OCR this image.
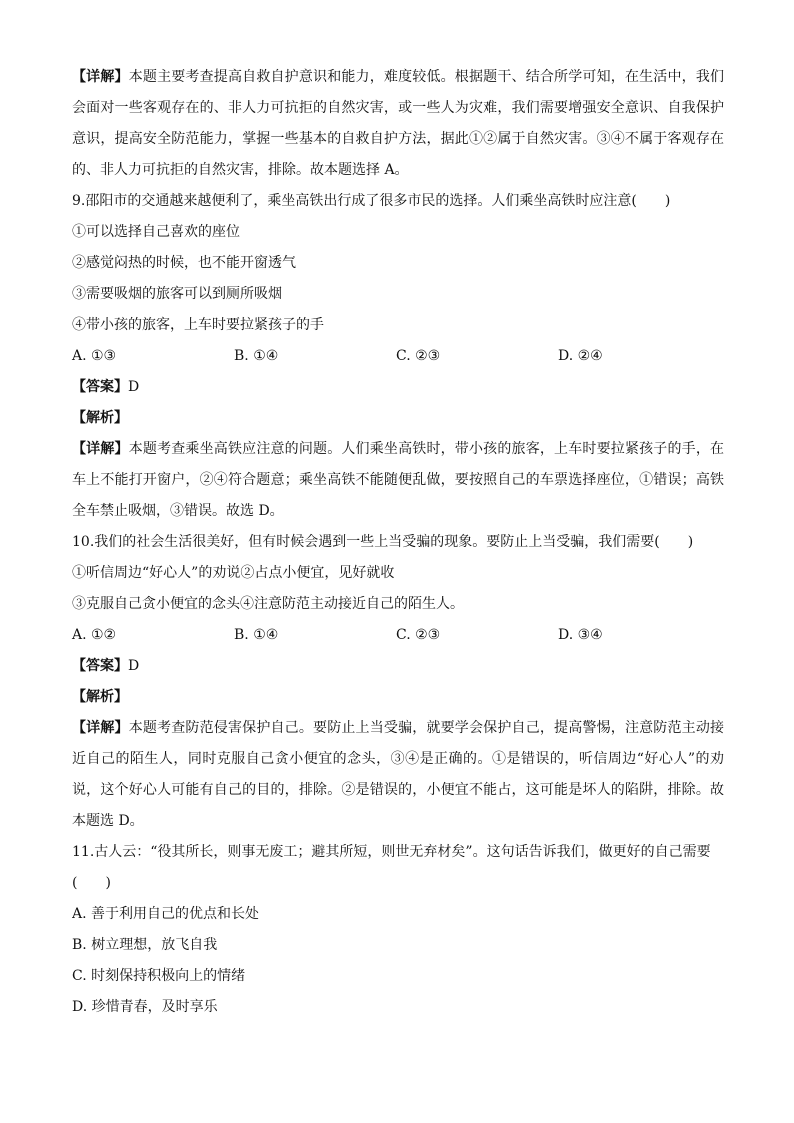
【详解】本题主要考查提高自救自护意识和能力，难度较低。根据题干、结合所学可知，在生活中，我们
会面对一些客观存在的、非人力可抗拒的自然灾害，或一些人为灾难，我们需要增强安全意识、自我保护
意识，提高安全防范能力，掌握一些基本的自救自护方法，据此①②属于自然灾害。③④不属于客观存在
的、非人力可抗拒的自然灾害，排除。故本题选择 A。
9.邵阳市的交通越来越便利了，乘坐高铁出行成了很多市民的选择。人们乘坐高铁时应注意(　　)
①可以选择自己喜欢的座位
②感觉闷热的时候，也不能开窗透气
③需要吸烟的旅客可以到厕所吸烟
④带小孩的旅客，上车时要拉紧孩子的手
A. ①③	B. ①④	C. ②③	D. ②④
【答案】D
【解析】
【详解】本题考查乘坐高铁应注意的问题。人们乘坐高铁时，带小孩的旅客，上车时要拉紧孩子的手，在
车上不能打开窗户，②④符合题意；乘坐高铁不能随便乱做，要按照自己的车票选择座位，①错误；高铁
全车禁止吸烟，③错误。故选 D。
10.我们的社会生活很美好，但有时候会遇到一些上当受骗的现象。要防止上当受骗，我们需要(　　)
①听信周边“好心人”的劝说②占点小便宜，见好就收
③克服自己贪小便宜的念头④注意防范主动接近自己的陌生人。
A. ①②	B. ①④	C. ②③	D. ③④
【答案】D
【解析】
【详解】本题考查防范侵害保护自己。要防止上当受骗，就要学会保护自己，提高警惕，注意防范主动接
近自己的陌生人，同时克服自己贪小便宜的念头，③④是正确的。①是错误的，听信周边“好心人”的劝
说，这个好心人可能有自己的目的，排除。②是错误的，小便宜不能占，这可能是坏人的陷阱，排除。故
本题选 D。
11.古人云：“役其所长，则事无废工；避其所短，则世无弃材矣”。这句话告诉我们，做更好的自己需要
(　　)
A. 善于利用自己的优点和长处
B. 树立理想，放飞自我
C. 时刻保持积极向上的情绪
D. 珍惜青春，及时享乐
